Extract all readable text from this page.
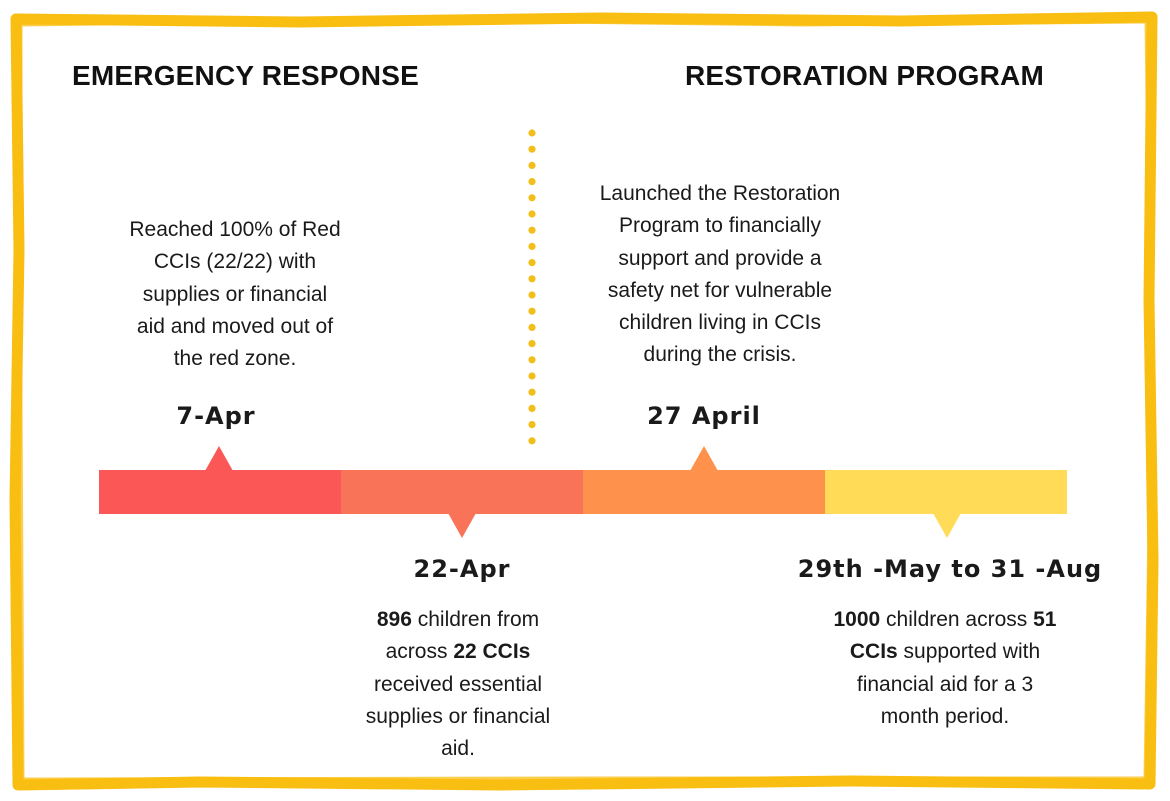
EMERGENCY RESPONSE	RESTORATION PROGRAM
Reached 100% of Red
CCIs (22/22) with
supplies or financial
aid and moved out of
the red zone.
7-Apr
Launched the Restoration
Program to financially
support and provide a
safety net for vulnerable
children living in CCIs
during the crisis.
27 April
22-Apr
896 children from
across 22 CCIs
received essential
supplies or financial
aid.
29th -May to 31 -Aug
1000 children across 51
CCIs supported with
financial aid for a 3
month period.
